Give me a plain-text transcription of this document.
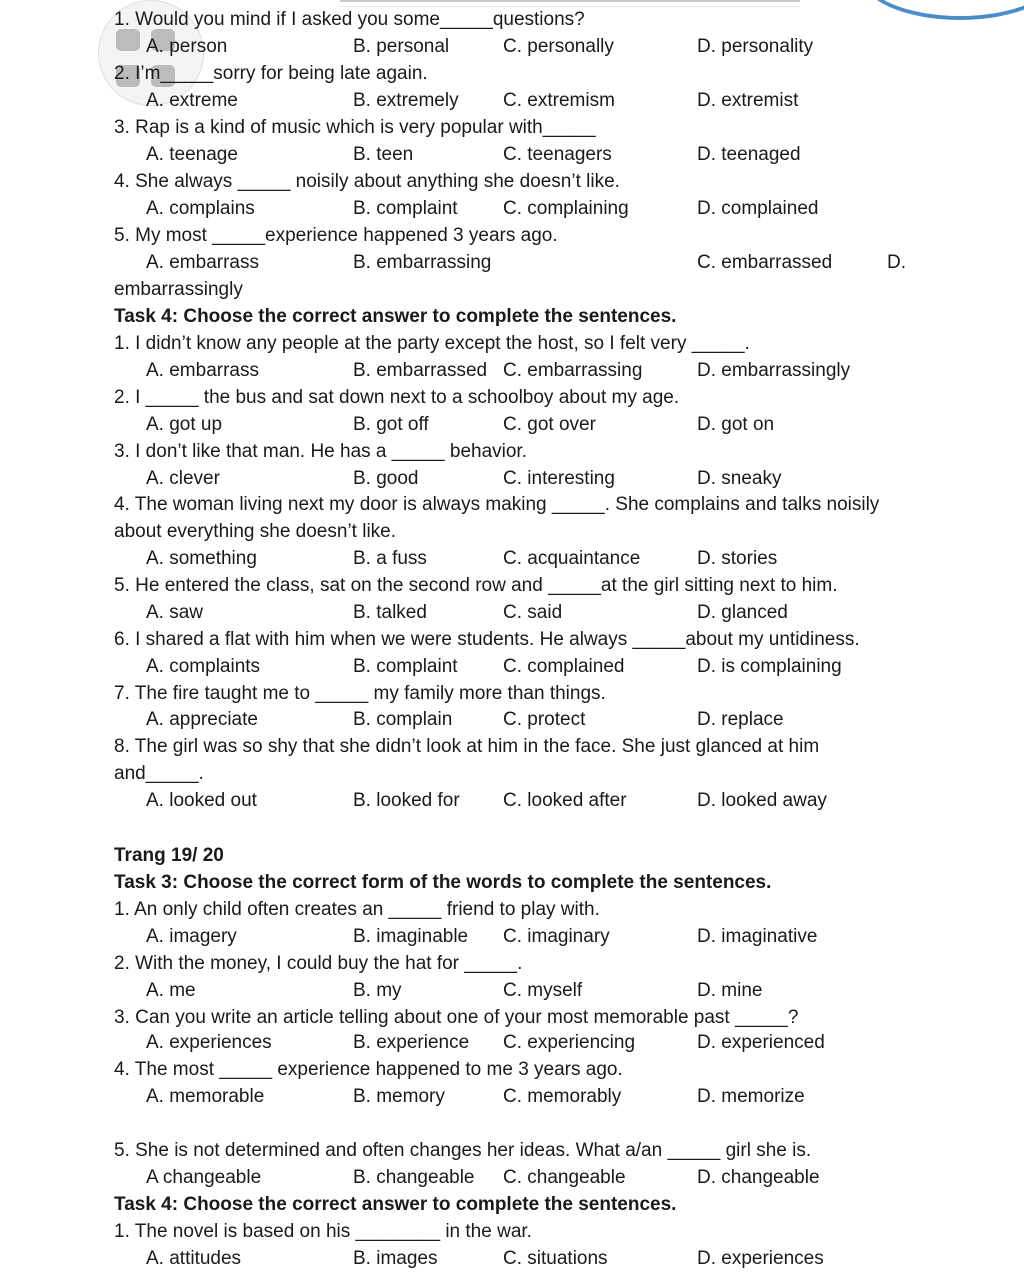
1. Would you mind if I asked you some_____questions?
A. person	B. personal	C. personally	D. personality
2. I’m_____sorry for being late again.
A. extreme	B. extremely C. extremism	D. extremist
3. Rap is a kind of music which is very popular with_____
A. teenage	B. teen	C. teenagers	D. teenaged
4. She always _____ noisily about anything she doesn’t like.
A. complains	B. complaint C. complaining	D. complained
5. My most _____experience happened 3 years ago.
A. embarrass	B. embarrassing	C. embarrassed	D.
embarrassingly
Task 4: Choose the correct answer to complete the sentences.
1. I didn’t know any people at the party except the host, so I felt very _____.
A. embarrass	B. embarrassed C. embarrassing	D. embarrassingly
2. I _____ the bus and sat down next to a schoolboy about my age.
A. got up	B. got off	C. got over	D. got on
3. I don’t like that man. He has a _____ behavior.
A. clever	B. good	C. interesting	D. sneaky
4. The woman living next my door is always making _____. She complains and talks noisily
about everything she doesn’t like.
A. something	B. a fuss	C. acquaintance	D. stories
5. He entered the class, sat on the second row and _____at the girl sitting next to him.
A. saw	B. talked	C. said	D. glanced
6. I shared a flat with him when we were students. He always _____about my untidiness.
A. complaints	B. complaint C. complained	D. is complaining
7. The fire taught me to _____ my family more than things.
A. appreciate	B. complain	C. protect	D. replace
8. The girl was so shy that she didn’t look at him in the face. She just glanced at him
and_____.
A. looked out	B. looked for C. looked after	D. looked away
Trang 19/ 20
Task 3: Choose the correct form of the words to complete the sentences.
1. An only child often creates an _____ friend to play with.
A. imagery	B. imaginable C. imaginary	D. imaginative
2. With the money, I could buy the hat for _____.
A. me	B. my	C. myself	D. mine
3. Can you write an article telling about one of your most memorable past _____?
A. experiences	B. experience C. experiencing	D. experienced
4. The most _____ experience happened to me 3 years ago.
A. memorable	B. memory	C. memorably	D. memorize
5. She is not determined and often changes her ideas. What a/an _____ girl she is.
A changeable	B. changeable C. changeable	D. changeable
Task 4: Choose the correct answer to complete the sentences.
1. The novel is based on his ________ in the war.
A. attitudes	B. images	C. situations	D. experiences
